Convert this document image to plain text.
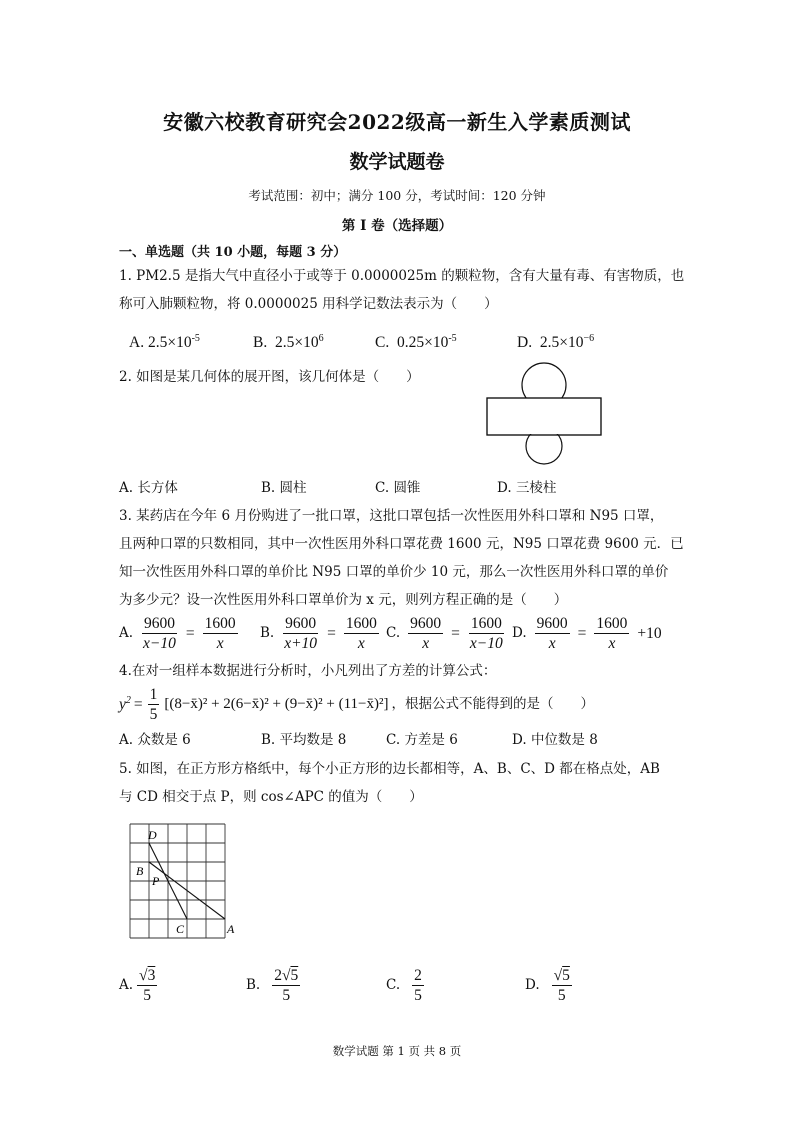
安徽六校教育研究会2022级高一新生入学素质测试
数学试题卷
考试范围：初中；满分 100 分，考试时间：120 分钟
第 I 卷（选择题）
一、单选题（共 10 小题，每题 3 分）
1. PM2.5 是指大气中直径小于或等于 0.0000025m 的颗粒物，含有大量有毒、有害物质，也
称可入肺颗粒物，将 0.0000025 用科学记数法表示为（　　）
A. $2.5\times 10^{-5}$	B. $2.5\times 10^6$	C. $0.25\times 10^{-5}$	D. $2.5\times 10^{-6}$
2. 如图是某几何体的展开图，该几何体是（　　）
A. 长方体	B. 圆柱	C. 圆锥	D. 三棱柱
3. 某药店在今年 6 月份购进了一批口罩，这批口罩包括一次性医用外科口罩和 N95 口罩，
且两种口罩的只数相同，其中一次性医用外科口罩花费 1600 元，N95 口罩花费 9600 元．已
知一次性医用外科口罩的单价比 N95 口罩的单价少 10 元，那么一次性医用外科口罩的单价
为多少元？设一次性医用外科口罩单价为 x 元，则列方程正确的是（　　）
A. $\frac{9600}{x-10} = \frac{1600}{x} B$. $\frac{9600}{x+10} = \frac{1600}{x} C$. $\frac{9600}{x} = \frac{1600}{x-10} D$. $\frac{9600}{x} = \frac{1600}{x} +10$
4.在对一组样本数据进行分析时，小凡列出了方差的计算公式：
$y^2 = \frac{1}{5}$ [(8−x̄)² + 2(6−x̄)² + (9−x̄)² + (11−x̄)²] ，根据公式不能得到的是（　　）
A. 众数是 6	B. 平均数是 8	C. 方差是 6	D. 中位数是 8
5. 如图，在正方形方格纸中，每个小正方形的边长都相等，A、B、C、D 都在格点处，AB
与 CD 相交于点 P，则 cos∠APC 的值为（　　）
D
B
P
C	A
A. $\frac{√3}{5}$	B. $\frac{2√5}{5}$	C. $\frac{2}{5}$	D. $\frac{√5}{5}$
数学试题 第 1 页 共 8 页
